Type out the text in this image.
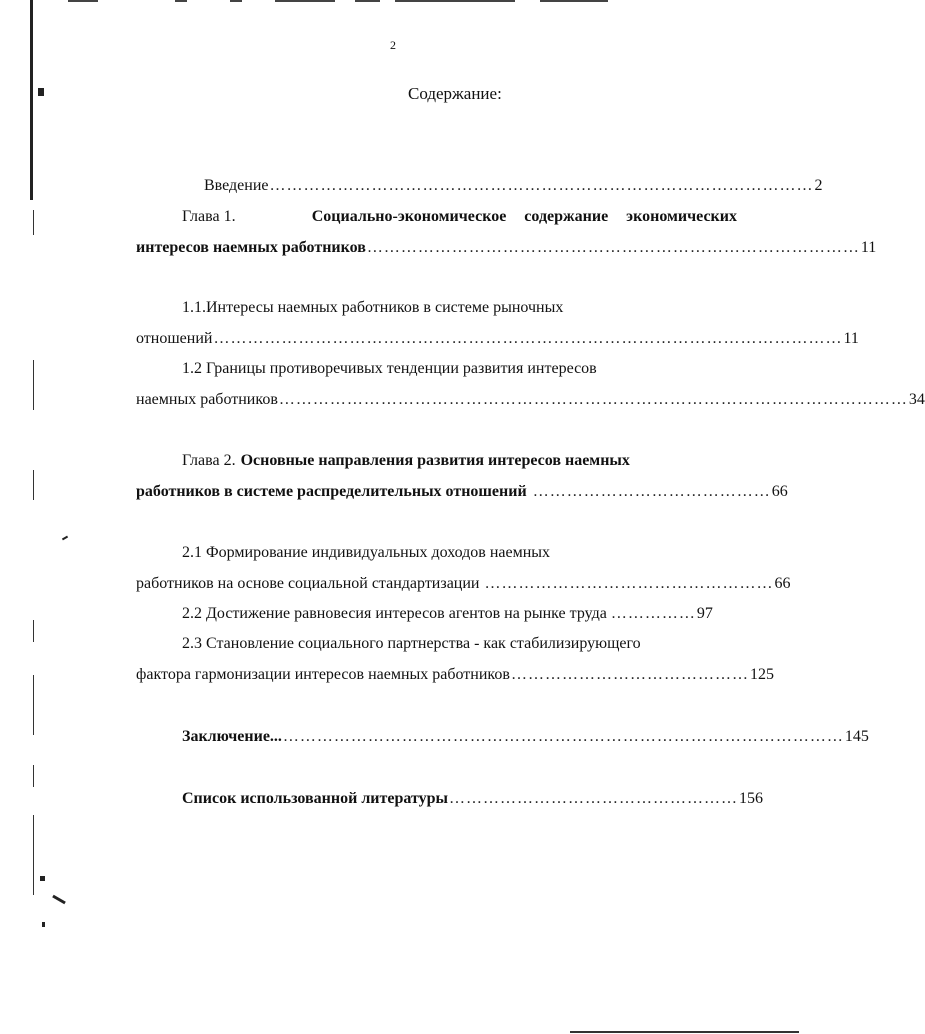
2
Содержание:
Введение …………………………………………………………………………………… 2
Глава 1.	Социально-экономическое содержание экономических
интересов наемных работников …………………………………………………………………………… 11
1.1.Интересы наемных работников в системе рыночных
отношений ………………………………………………………………………………………………… 11
1.2 Границы противоречивых тенденции развития интересов
наемных работников ………………………………………………………………………………………………… 34
Глава 2. Основные направления развития интересов наемных
работников в системе распределительных отношений …………………………………… 66
2.1 Формирование индивидуальных доходов наемных
работников на основе социальной стандартизации …………………………………………… 66
2.2 Достижение равновесия интересов агентов на рынке труда …………… 97
2.3 Становление социального партнерства - как стабилизирующего
фактора гармонизации интересов наемных работников …………………………………… 125
Заключение... ……………………………………………………………………………………… 145
Список использованной литературы …………………………………………… 156
